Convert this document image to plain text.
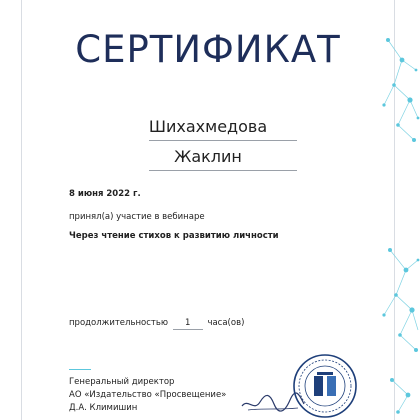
СЕРТИФИКАТ
Шихахмедова
Жаклин
8 июня 2022 г.
принял(а) участие в вебинаре
Через чтение стихов к развитию личности
продолжительностью 1 часа(ов)
Генеральный директор
АО «Издательство «Просвещение»
Д.А. Климишин
